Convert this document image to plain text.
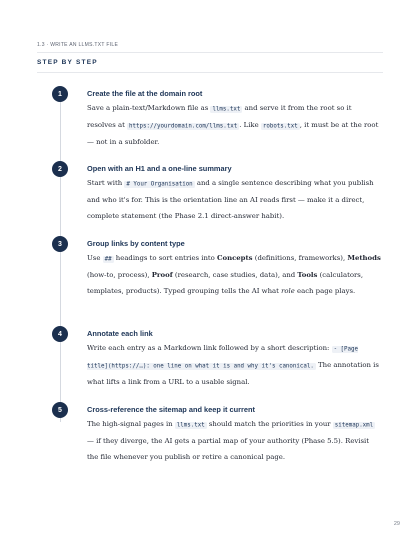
1.3 · WRITE AN LLMS.TXT FILE
STEP BY STEP
1	Create the file at the domain root
Save a plain-text/Markdown file as llms.txt and serve it from the root so it resolves at https://yourdomain.com/llms.txt . Like robots.txt , it must be at the root — not in a subfolder.
2	Open with an H1 and a one-line summary
Start with # Your Organisation and a single sentence describing what you publish and who it's for. This is the orientation line an AI reads first — make it a direct, complete statement (the Phase 2.1 direct-answer habit).
3	Group links by content type
Use ## headings to sort entries into Concepts (definitions, frameworks), Methods (how-to, process), Proof (research, case studies, data), and Tools (calculators, templates, products). Typed grouping tells the AI what role each page plays.
4	Annotate each link
Write each entry as a Markdown link followed by a short description: - [Page title](https://…): one line on what it is and why it's canonical. The annotation is what lifts a link from a URL to a usable signal.
5	Cross-reference the sitemap and keep it current
The high-signal pages in llms.txt should match the priorities in your sitemap.xml — if they diverge, the AI gets a partial map of your authority (Phase 5.5). Revisit the file whenever you publish or retire a canonical page.
29
